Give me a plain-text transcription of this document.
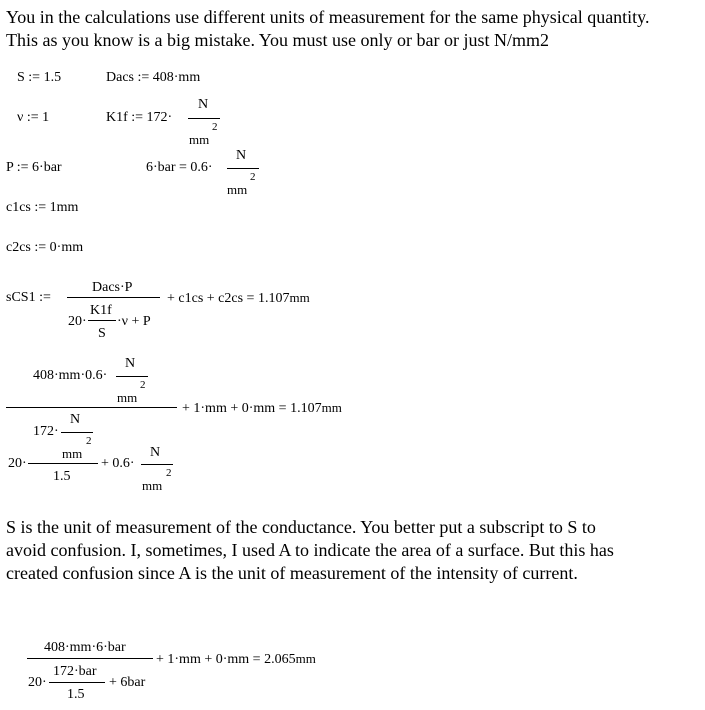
You in the calculations use different units of measurement for the same physical quantity.
This as you know is a big mistake. You must use only or bar or just N/mm2
S := 1.5	Dacs := 408·mm
ν := 1	K1f := 172·
N
mm
2
P := 6·bar	6·bar = 0.6·
N
mm
2
c1cs := 1mm
c2cs := 0·mm
sCS1 :=
Dacs·P
20·
K1f
S
·ν + P
+ c1cs + c2cs = 1.107mm
408·mm·0.6·
N
mm
2
172·
N
mm
2
1.5
20·	+ 0.6·
N
mm
2
+ 1·mm + 0·mm = 1.107mm
S is the unit of measurement of the conductance. You better put a subscript to S to
avoid confusion. I, sometimes, I used A to indicate the area of a surface. But this has
created confusion since A is the unit of measurement of the intensity of current.
408·mm·6·bar
20·
172·bar
1.5
+ 6bar
+ 1·mm + 0·mm = 2.065mm
